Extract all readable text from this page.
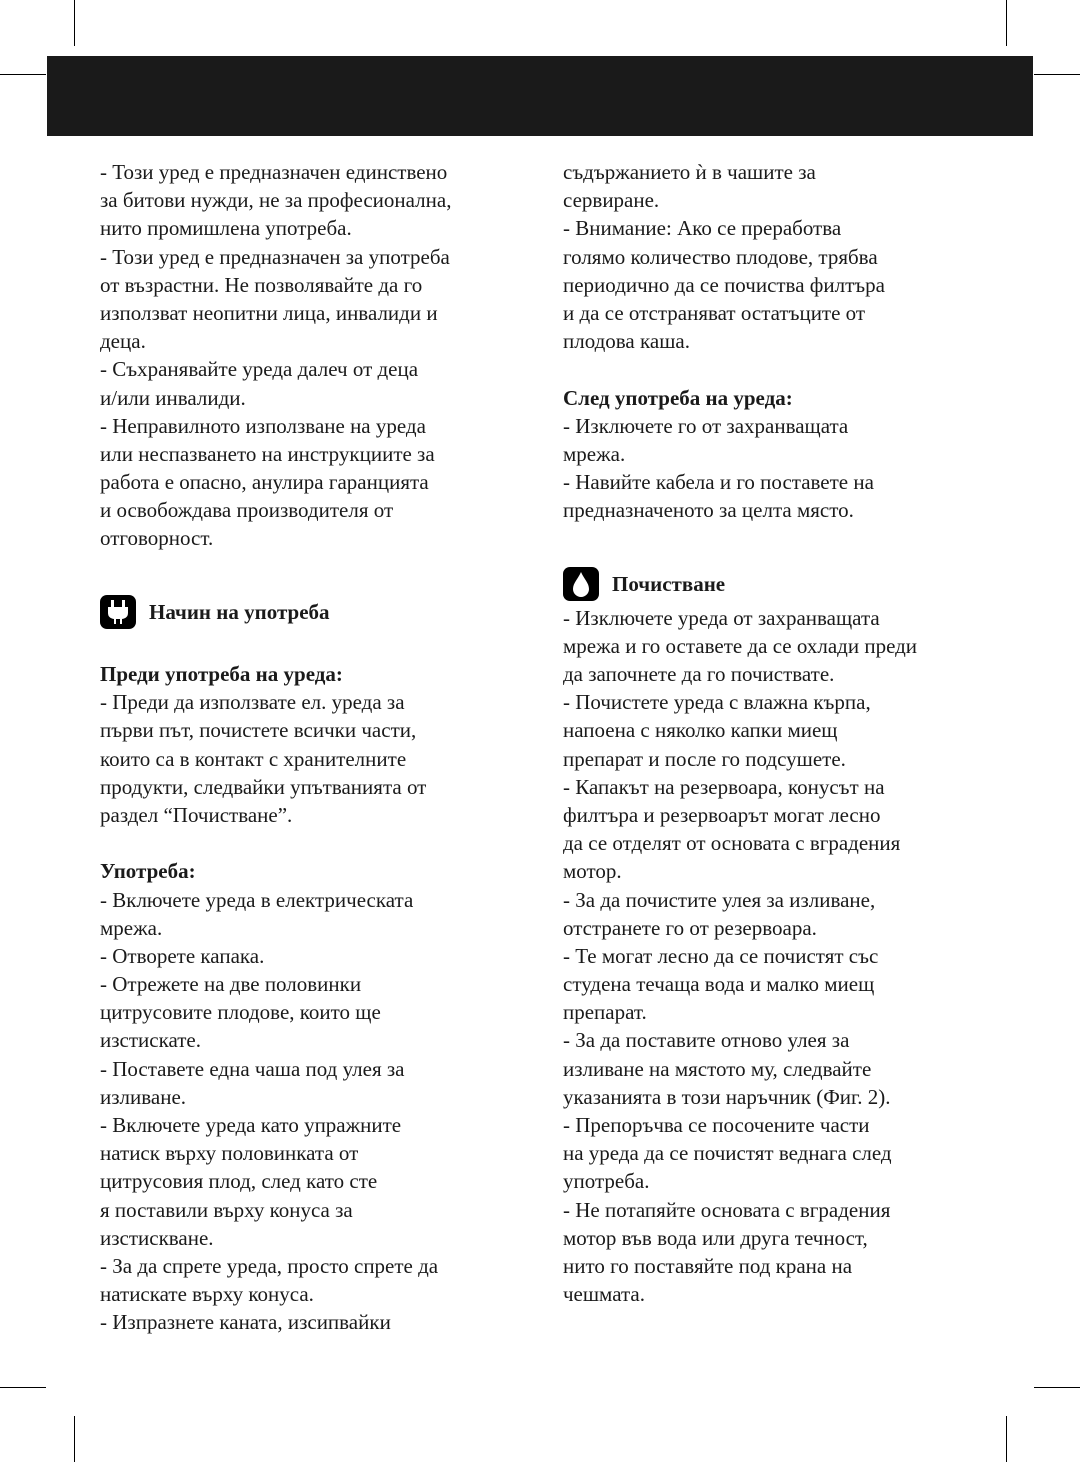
- Този уред е предназначен единствено
за битови нужди, не за професионална,
нито промишлена употреба.
- Този уред е предназначен за употреба
от възрастни. Не позволявайте да го
използват неопитни лица, инвалиди и
деца.
- Съхранявайте уреда далеч от деца
и/или инвалиди.
- Неправилното използване на уреда
или неспазването на инструкциите за
работа е опасно, анулира гаранцията
и освобождава производителя от
отговорност.
Начин на употреба
Преди употреба на уреда:
- Преди да използвате ел. уреда за
първи път, почистете всички части,
които са в контакт с хранителните
продукти, следвайки упътванията от
раздел “Почистване”.
Употреба:
- Включете уреда в електрическата
мрежа.
- Отворете капака.
- Отрежете на две половинки
цитрусовите плодове, които ще
изстискате.
- Поставете една чаша под улея за
изливане.
- Включете уреда като упражните
натиск върху половинката от
цитрусовия плод, след като сте
я поставили върху конуса за
изстискване.
- За да спрете уреда, просто спрете да
натискате върху конуса.
- Изпразнете каната, изсипвайки
съдържанието ѝ в чашите за
сервиране.
- Внимание: Ако се преработва
голямо количество плодове, трябва
периодично да се почиства филтъра
и да се отстраняват остатъците от
плодова каша.
След употреба на уреда:
- Изключете го от захранващата
мрежа.
- Навийте кабела и го поставете на
предназначеното за целта място.
Почистване
- Изключете уреда от захранващата
мрежа и го оставете да се охлади преди
да започнете да го почиствате.
- Почистете уреда с влажна кърпа,
напоена с няколко капки миещ
препарат и после го подсушете.
- Капакът на резервоара, конусът на
филтъра и резервоарът могат лесно
да се отделят от основата с вградения
мотор.
- За да почистите улея за изливане,
отстранете го от резервоара.
- Те могат лесно да се почистят със
студена течаща вода и малко миещ
препарат.
- За да поставите отново улея за
изливане на мястото му, следвайте
указанията в този наръчник (Фиг. 2).
- Препоръчва се посочените части
на уреда да се почистят веднага след
употреба.
- Не потапяйте основата с вградения
мотор във вода или друга течност,
нито го поставяйте под крана на
чешмата.
